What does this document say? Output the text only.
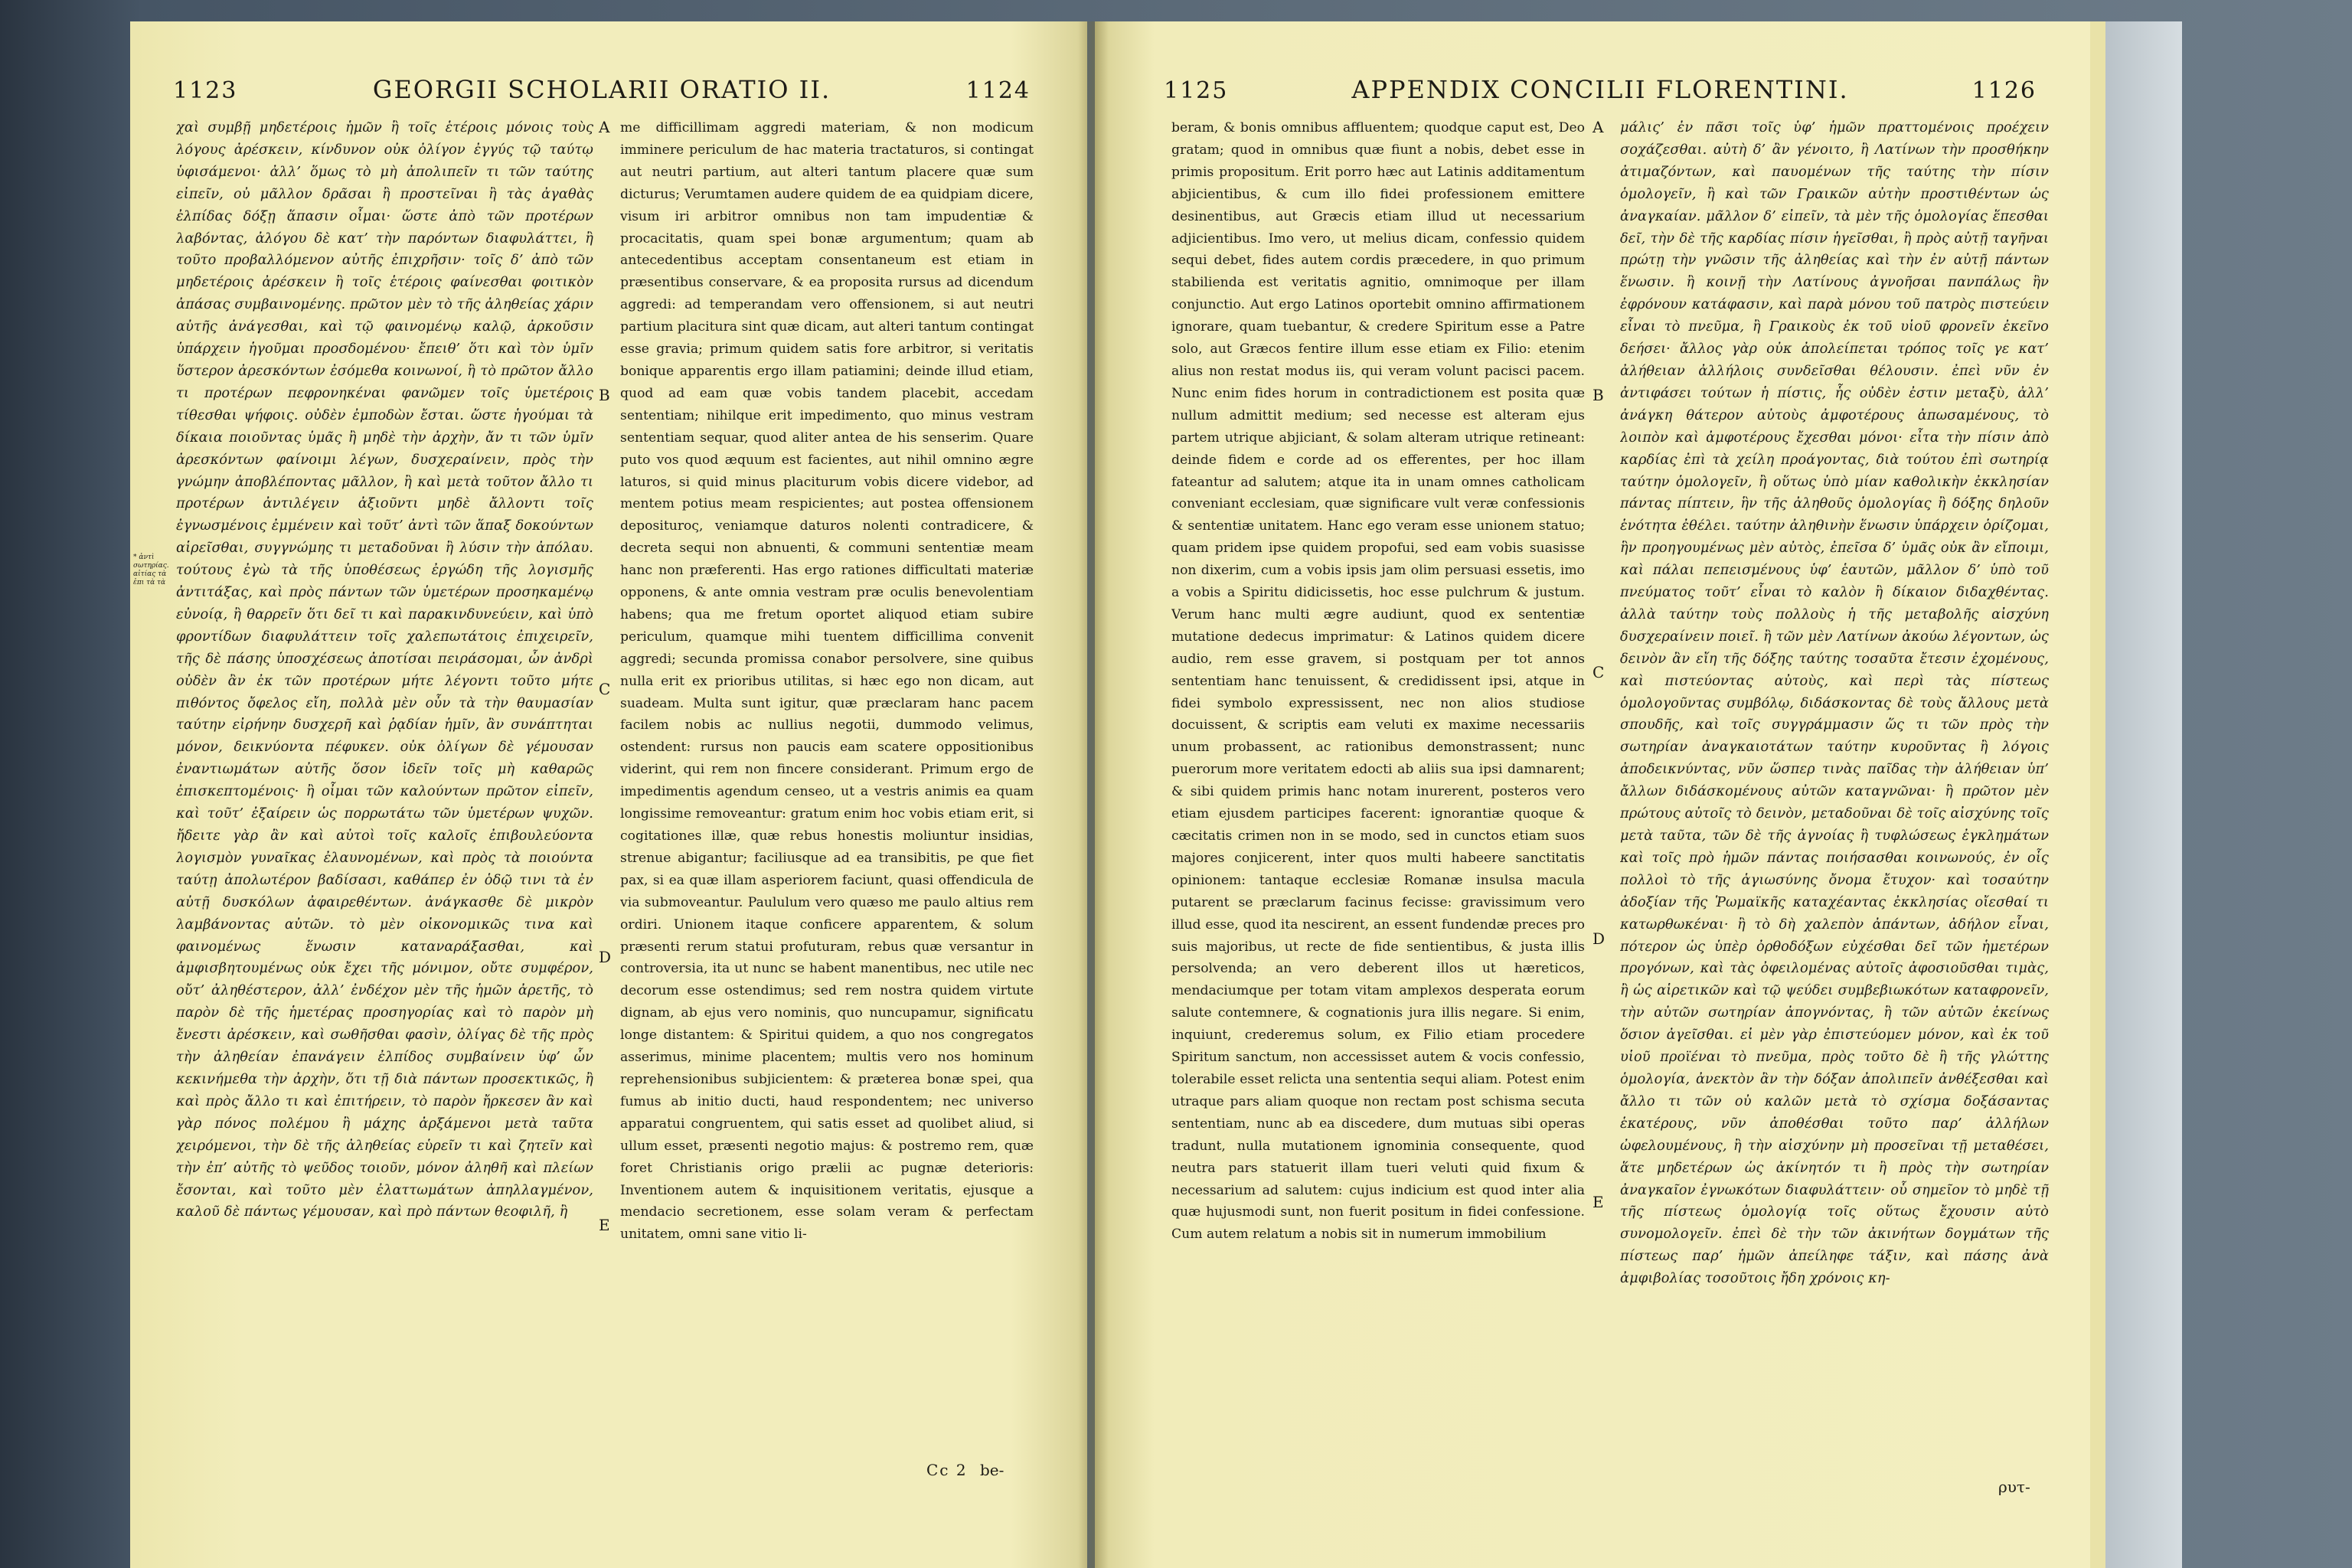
1123	GEORGII SCHOLARII ORATIO II.	1124
* ἀντὶ σωτηρίας. αἰτίας τὰ ἐπι τὰ τὰ

χαὶ συμβῇ μηδετέροις ἡμῶν ἢ τοῖς ἑτέροις μόνοις τοὺς λόγους ἀρέσκειν, κίνδυνον οὐκ ὀλίγον ἐγγύς τῷ ταύτῳ ὑφισάμενοι· ἀλλ’ ὅμως τὸ μὴ ἀπολιπεῖν τι τῶν ταύτης εἰπεῖν, οὐ μᾶλλον δρᾶσαι ἢ προστεῖναι ἢ τὰς ἀγαθὰς ἐλπίδας δόξῃ ἅπασιν οἶμαι· ὥστε ἀπὸ τῶν προτέρων λαβόντας, ἀλόγου δὲ κατ’ τὴν παρόντων διαφυλάττει, ἢ τοῦτο προβαλλόμενον αὐτῆς ἐπιχρῆσιν· τοῖς δ’ ἀπὸ τῶν μηδετέροις ἀρέσκειν ἢ τοῖς ἑτέροις φαίνεσθαι φοιτικὸν ἀπάσας συμβαινομένης. πρῶτον μὲν τὸ τῆς ἀληθείας χάριν αὐτῆς ἀνάγεσθαι, καὶ τῷ φαινομένῳ καλῷ, ἀρκοῦσιν ὑπάρχειν ἡγοῦμαι προσδομένου· ἔπειθ’ ὅτι καὶ τὸν ὑμῖν ὕστερον ἀρεσκόντων ἐσόμεθα κοινωνοί, ἢ τὸ πρῶτον ἄλλο τι προτέρων πεφρονηκέναι φανῶμεν τοῖς ὑμετέροις τίθεσθαι ψήφοις. οὐδὲν ἐμποδὼν ἔσται. ὥστε ἡγούμαι τὰ δίκαια ποιοῦντας ὑμᾶς ἢ μηδὲ τὴν ἀρχὴν, ἄν τι τῶν ὑμῖν ἀρεσκόντων φαίνοιμι λέγων, δυσχεραίνειν, πρὸς τὴν γνώμην ἀποβλέποντας μᾶλλον, ἢ καὶ μετὰ τοῦτον ἄλλο τι προτέρων ἀντιλέγειν ἀξιοῦντι μηδὲ ἄλλοντι τοῖς ἐγνωσμένοις ἐμμένειν καὶ τοῦτ’ ἀντὶ τῶν ἅπαξ δοκούντων αἱρεῖσθαι, συγγνώμης τι μεταδοῦναι ἢ λύσιν τὴν ἀπόλαυ. τούτους ἐγὼ τὰ τῆς ὑποθέσεως ἐργώδη τῆς λογισμῆς ἀντιτάξας, καὶ πρὸς πάντων τῶν ὑμετέρων προσηκαμένῳ εὐνοίᾳ, ἢ θαρρεῖν ὅτι δεῖ τι καὶ παρακινδυνεύειν, καὶ ὑπὸ φροντίδων διαφυλάττειν τοῖς χαλεπωτάτοις ἐπιχειρεῖν, τῆς δὲ πάσης ὑποσχέσεως ἀποτίσαι πειράσομαι, ὧν ἀνδρὶ οὐδὲν ἂν ἐκ τῶν προτέρων μήτε λέγοντι τοῦτο μήτε πιθόντος ὄφελος εἴη, πολλὰ μὲν οὖν τὰ τὴν θαυμασίαν ταύτην εἰρήνην δυσχερῆ καὶ ῥᾳδίαν ἡμῖν, ἂν συνάπτηται μόνον, δεικνύοντα πέφυκεν. οὐκ ὀλίγων δὲ γέμουσαν ἐναντιωμάτων αὐτῆς ὅσον ἰδεῖν τοῖς μὴ καθαρῶς ἐπισκεπτομένοις· ἢ οἶμαι τῶν καλούντων πρῶτον εἰπεῖν, καὶ τοῦτ’ ἐξαίρειν ὡς πορρωτάτω τῶν ὑμετέρων ψυχῶν. ἤδειτε γὰρ ἂν καὶ αὐτοὶ τοῖς καλοῖς ἐπιβουλεύοντα λογισμὸν γυναῖκας ἐλαυνομένων, καὶ πρὸς τὰ ποιούντα ταύτῃ ἀπολωτέρον βαδίσασι, καθάπερ ἐν ὁδῷ τινι τὰ ἐν αὐτῇ δυσκόλων ἀφαιρεθέντων. ἀνάγκασθε δὲ μικρὸν λαμβάνοντας αὐτῶν. τὸ μὲν οἰκονομικῶς τινα καὶ φαινομένως ἕνωσιν καταναράξασθαι, καὶ ἀμφισβητουμένως οὐκ ἔχει τῆς μόνιμον, οὔτε συμφέρον, οὔτ’ ἀληθέστερον, ἀλλ’ ἐνδέχον μὲν τῆς ἡμῶν ἀρετῆς, τὸ παρὸν δὲ τῆς ἡμετέρας προσηγορίας καὶ τὸ παρὸν μὴ ἔνεστι ἀρέσκειν, καὶ σωθῆσθαι φασὶν, ὀλίγας δὲ τῆς πρὸς τὴν ἀληθείαν ἐπανάγειν ἐλπίδος συμβαίνειν ὑφ’ ὧν κεκινήμεθα τὴν ἀρχὴν, ὅτι τῇ διὰ πάντων προσεκτικῶς, ἢ καὶ πρὸς ἄλλο τι καὶ ἐπιτήρειν, τὸ παρὸν ἤρκεσεν ἂν καὶ γὰρ πόνος πολέμου ἢ μάχης ἀρξάμενοι μετὰ ταῦτα χειρόμενοι, τὴν δὲ τῆς ἀληθείας εὑρεῖν τι καὶ ζητεῖν καὶ τὴν ἐπ’ αὐτῆς τὸ ψεῦδος τοιοῦν, μόνον ἀληθῆ καὶ πλείων ἔσονται, καὶ τοῦτο μὲν ἐλαττωμάτων ἀπηλλαγμένον, καλοῦ δὲ πάντως γέμουσαν, καὶ πρὸ πάντων θεοφιλῆ, ἢ

A
B
C
D
E

me difficillimam aggredi materiam, & non modicum imminere periculum de hac materia tractaturos, si contingat aut neutri partium, aut alteri tantum placere quæ sum dicturus; Verumtamen audere quidem de ea quidpiam dicere, visum iri arbitror omnibus non tam impudentiæ & procacitatis, quam spei bonæ argumentum; quam ab antecedentibus acceptam consentaneum est etiam in præsentibus conservare, & ea proposita rursus ad dicendum aggredi: ad temperandam vero offensionem, si aut neutri partium placitura sint quæ dicam, aut alteri tantum contingat esse gravia; primum quidem satis fore arbitror, si veritatis bonique apparentis ergo illam patiamini; deinde illud etiam, quod ad eam quæ vobis tandem placebit, accedam sententiam; nihilque erit impedimento, quo minus vestram sententiam sequar, quod aliter antea de his senserim. Quare puto vos quod æquum est facientes, aut nihil omnino ægre laturos, si quid minus placiturum vobis dicere videbor, ad mentem potius meam respicientes; aut postea offensionem depositurος, veniamque daturos nolenti contradicere, & decreta sequi non abnuenti, & communi sententiæ meam hanc non præferenti. Has ergo rationes difficultati materiæ opponens, & ante omnia vestram præ oculis benevolentiam habens; qua me fretum oportet aliquod etiam subire periculum, quamque mihi tuentem difficillima convenit aggredi; secunda promissa conabor persolvere, sine quibus nulla erit ex prioribus utilitas, si hæc ego non dicam, aut suadeam. Multa sunt igitur, quæ præclaram hanc pacem facilem nobis ac nullius negotii, dummodo velimus, ostendent: rursus non paucis eam scatere oppositionibus viderint, qui rem non fincere considerant. Primum ergo de impedimentis agendum censeo, ut a vestris animis ea quam longissime removeantur: gratum enim hoc vobis etiam erit, si cogitationes illæ, quæ rebus honestis moliuntur insidias, strenue abigantur; faciliusque ad ea transibitis, pe que fiet pax, si ea quæ illam asperiorem faciunt, quasi offendicula de via submoveantur. Paululum vero quæso me paulo altius rem ordiri. Unionem itaque conficere apparentem, & solum præsenti rerum statui profuturam, rebus quæ versantur in controversia, ita ut nunc se habent manentibus, nec utile nec decorum esse ostendimus; sed rem nostra quidem virtute dignam, ab ejus vero nominis, quo nuncupamur, significatu longe distantem: & Spiritui quidem, a quo nos congregatos asserimus, minime placentem; multis vero nos hominum reprehensionibus subjicientem: & præterea bonæ spei, qua fumus ab initio ducti, haud respondentem; nec universo apparatui congruentem, qui satis esset ad quolibet aliud, si ullum esset, præsenti negotio majus: & postremo rem, quæ foret Christianis origo prælii ac pugnæ deterioris: Inventionem autem & inquisitionem veritatis, ejusque a mendacio secretionem, esse solam veram & perfectam unitatem, omni sane vitio li-

Cc 2 be-
1125	APPENDIX CONCILII FLORENTINI.	1126

beram, & bonis omnibus affluentem; quodque caput est, Deo gratam; quod in omnibus quæ fiunt a nobis, debet esse in primis propositum. Erit porro hæc aut Latinis additamentum abjicientibus, & cum illo fidei professionem emittere desinentibus, aut Græcis etiam illud ut necessarium adjicientibus. Imo vero, ut melius dicam, confessio quidem sequi debet, fides autem cordis præcedere, in quo primum stabilienda est veritatis agnitio, omnimoque per illam conjunctio. Aut ergo Latinos oportebit omnino affirmationem ignorare, quam tuebantur, & credere Spiritum esse a Patre solo, aut Græcos fentire illum esse etiam ex Filio: etenim alius non restat modus iis, qui veram volunt pacisci pacem. Nunc enim fides horum in contradictionem est posita quæ nullum admittit medium; sed necesse est alteram ejus partem utrique abjiciant, & solam alteram utrique retineant: deinde fidem e corde ad os efferentes, per hoc illam fateantur ad salutem; atque ita in unam omnes catholicam conveniant ecclesiam, quæ significare vult veræ confessionis & sententiæ unitatem. Hanc ego veram esse unionem statuo; quam pridem ipse quidem propofui, sed eam vobis suasisse non dixerim, cum a vobis ipsis jam olim persuasi essetis, imo a vobis a Spiritu didicissetis, hoc esse pulchrum & justum. Verum hanc multi ægre audiunt, quod ex sententiæ mutatione dedecus imprimatur: & Latinos quidem dicere audio, rem esse gravem, si postquam per tot annos sententiam hanc tenuissent, & credidissent ipsi, atque in fidei symbolo expressissent, nec non alios studiose docuissent, & scriptis eam veluti ex maxime necessariis unum probassent, ac rationibus demonstrassent; nunc puerorum more veritatem edocti ab aliis sua ipsi damnarent; & sibi quidem primis hanc notam inurerent, posteros vero etiam ejusdem participes facerent: ignorantiæ quoque & cæcitatis crimen non in se modo, sed in cunctos etiam suos majores conjicerent, inter quos multi habeere sanctitatis opinionem: tantaque ecclesiæ Romanæ insulsa macula putarent se præclarum facinus fecisse: gravissimum vero illud esse, quod ita nescirent, an essent fundendæ preces pro suis majoribus, ut recte de fide sentientibus, & justa illis persolvenda; an vero deberent illos ut hæreticos, mendaciumque per totam vitam amplexos desperata eorum salute contemnere, & cognationis jura illis negare. Si enim, inquiunt, crederemus solum, ex Filio etiam procedere Spiritum sanctum, non accessisset autem & vocis confessio, tolerabile esset relicta una sententia sequi aliam. Potest enim utraque pars aliam quoque non rectam post schisma secuta sententiam, nunc ab ea discedere, dum mutuas sibi operas tradunt, nulla mutationem ignominia consequente, quod neutra pars statuerit illam tueri veluti quid fixum & necessarium ad salutem: cujus indicium est quod inter alia quæ hujusmodi sunt, non fuerit positum in fidei confessione. Cum autem relatum a nobis sit in numerum immobilium

A
B
C
D
E

μάλις’ ἐν πᾶσι τοῖς ὑφ’ ἡμῶν πραττομένοις προέχειν σοχάζεσθαι. αὐτὴ δ’ ἂν γένοιτο, ἢ Λατίνων τὴν προσθήκην ἀτιμαζόντων, καὶ παυομένων τῆς ταύτης τὴν πίσιν ὁμολογεῖν, ἢ καὶ τῶν Γραικῶν αὐτὴν προστιθέντων ὡς ἀναγκαίαν. μᾶλλον δ’ εἰπεῖν, τὰ μὲν τῆς ὁμολογίας ἕπεσθαι δεῖ, τὴν δὲ τῆς καρδίας πίσιν ἡγεῖσθαι, ἢ πρὸς αὐτῇ ταγῆναι πρώτῃ τὴν γνῶσιν τῆς ἀληθείας καὶ τὴν ἐν αὐτῇ πάντων ἕνωσιν. ἢ κοινῇ τὴν Λατίνους ἀγνοῆσαι πανπάλως ἣν ἐφρόνουν κατάφασιν, καὶ παρὰ μόνου τοῦ πατρὸς πιστεύειν εἶναι τὸ πνεῦμα, ἢ Γραικοὺς ἐκ τοῦ υἱοῦ φρονεῖν ἐκεῖνο δεήσει· ἄλλος γὰρ οὐκ ἀπολείπεται τρόπος τοῖς γε κατ’ ἀλήθειαν ἀλλήλοις συνδεῖσθαι θέλουσιν. ἐπεὶ νῦν ἐν ἀντιφάσει τούτων ἡ πίστις, ἧς οὐδὲν ἐστιν μεταξὺ, ἀλλ’ ἀνάγκη θάτερον αὐτοὺς ἀμφοτέρους ἀπωσαμένους, τὸ λοιπὸν καὶ ἀμφοτέρους ἔχεσθαι μόνοι· εἶτα τὴν πίσιν ἀπὸ καρδίας ἐπὶ τὰ χείλη προάγοντας, διὰ τούτου ἐπὶ σωτηρίᾳ ταύτην ὁμολογεῖν, ἢ οὕτως ὑπὸ μίαν καθολικὴν ἐκκλησίαν πάντας πίπτειν, ἣν τῆς ἀληθοῦς ὁμολογίας ἢ δόξης δηλοῦν ἑνότητα ἐθέλει. ταύτην ἀληθινὴν ἕνωσιν ὑπάρχειν ὁρίζομαι, ἣν προηγουμένως μὲν αὐτὸς, ἐπεῖσα δ’ ὑμᾶς οὐκ ἂν εἴποιμι, καὶ πάλαι πεπεισμένους ὑφ’ ἑαυτῶν, μᾶλλον δ’ ὑπὸ τοῦ πνεύματος τοῦτ’ εἶναι τὸ καλὸν ἢ δίκαιον διδαχθέντας. ἀλλὰ ταύτην τοὺς πολλοὺς ἡ τῆς μεταβολῆς αἰσχύνη δυσχεραίνειν ποιεῖ. ἢ τῶν μὲν Λατίνων ἀκούω λέγοντων, ὡς δεινὸν ἂν εἴη τῆς δόξης ταύτης τοσαῦτα ἔτεσιν ἐχομένους, καὶ πιστεύοντας αὐτοὺς, καὶ περὶ τὰς πίστεως ὁμολογοῦντας συμβόλῳ, διδάσκοντας δὲ τοὺς ἄλλους μετὰ σπουδῆς, καὶ τοῖς συγγράμμασιν ὥς τι τῶν πρὸς τὴν σωτηρίαν ἀναγκαιοτάτων ταύτην κυροῦντας ἢ λόγοις ἀποδεικνύντας, νῦν ὥσπερ τινὰς παῖδας τὴν ἀλήθειαν ὑπ’ ἄλλων διδάσκομένους αὐτῶν καταγνῶναι· ἢ πρῶτον μὲν πρώτους αὐτοῖς τὸ δεινὸν, μεταδοῦναι δὲ τοῖς αἰσχύνης τοῖς μετὰ ταῦτα, τῶν δὲ τῆς ἀγνοίας ἢ τυφλώσεως ἐγκλημάτων καὶ τοῖς πρὸ ἡμῶν πάντας ποιήσασθαι κοινωνούς, ἐν οἷς πολλοὶ τὸ τῆς ἁγιωσύνης ὄνομα ἔτυχον· καὶ τοσαύτην ἀδοξίαν τῆς Ῥωμαϊκῆς καταχέαντας ἐκκλησίας οἴεσθαί τι κατωρθωκέναι· ἢ τὸ δὴ χαλεπὸν ἀπάντων, ἀδήλον εἶναι, πότερον ὡς ὑπὲρ ὀρθοδόξων εὐχέσθαι δεῖ τῶν ἡμετέρων προγόνων, καὶ τὰς ὀφειλομένας αὐτοῖς ἀφοσιοῦσθαι τιμὰς, ἢ ὡς αἱρετικῶν καὶ τῷ ψεύδει συμβεβιωκότων καταφρονεῖν, τὴν αὐτῶν σωτηρίαν ἀπογνόντας, ἢ τῶν αὐτῶν ἐκείνως ὅσιον ἀγεῖσθαι. εἰ μὲν γὰρ ἐπιστεύομεν μόνον, καὶ ἐκ τοῦ υἱοῦ προϊέναι τὸ πνεῦμα, πρὸς τοῦτο δὲ ἢ τῆς γλώττης ὁμολογία, ἀνεκτὸν ἂν τὴν δόξαν ἀπολιπεῖν ἀνθέξεσθαι καὶ ἄλλο τι τῶν οὐ καλῶν μετὰ τὸ σχίσμα δοξάσαντας ἑκατέρους, νῦν ἀποθέσθαι τοῦτο παρ’ ἀλλήλων ὠφελουμένους, ἢ τὴν αἰσχύνην μὴ προσεῖναι τῇ μεταθέσει, ἅτε μηδετέρων ὡς ἀκίνητόν τι ἢ πρὸς τὴν σωτηρίαν ἀναγκαῖον ἐγνωκότων διαφυλάττειν· οὗ σημεῖον τὸ μηδὲ τῇ τῆς πίστεως ὁμολογίᾳ τοῖς οὕτως ἔχουσιν αὐτὸ συνομολογεῖν. ἐπεὶ δὲ τὴν τῶν ἀκινήτων δογμάτων τῆς πίστεως παρ’ ἡμῶν ἀπείληφε τάξιν, καὶ πάσης ἀνὰ ἀμφιβολίας τοσοῦτοις ἤδη χρόνοις κη-

ρυτ-
